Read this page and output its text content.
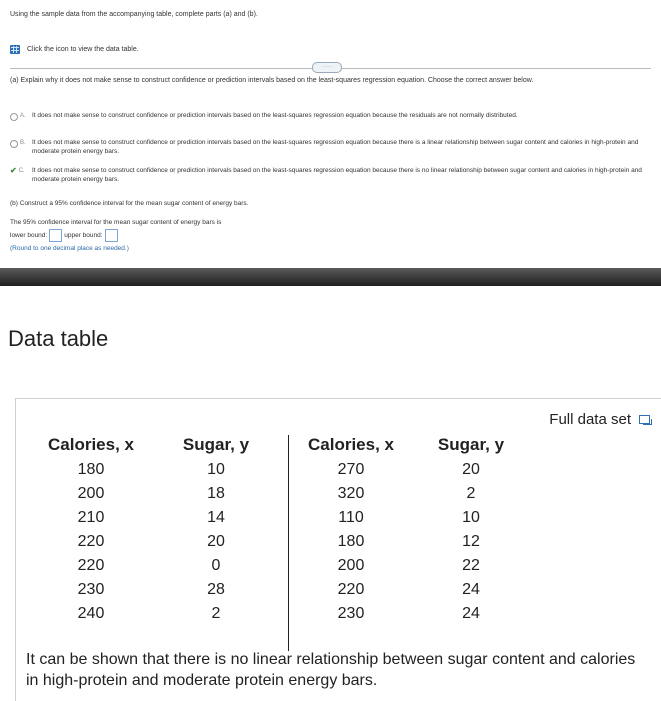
Using the sample data from the accompanying table, complete parts (a) and (b).
Click the icon to view the data table.
·····
(a) Explain why it does not make sense to construct confidence or prediction intervals based on the least-squares regression equation. Choose the correct answer below.
A. It does not make sense to construct confidence or prediction intervals based on the least-squares regression equation because the residuals are not normally distributed.
B. It does not make sense to construct confidence or prediction intervals based on the least-squares regression equation because there is a linear relationship between sugar content and calories in high-protein and moderate protein energy bars.
✔ C.	It does not make sense to construct confidence or prediction intervals based on the least-squares regression equation because there is no linear relationship between sugar content and calories in high-protein and moderate protein energy bars.
(b) Construct a 95% confidence interval for the mean sugar content of energy bars.
The 95% confidence interval for the mean sugar content of energy bars is
lower bound:	upper bound:
(Round to one decimal place as needed.)
Data table
Full data set
Calories, x
180
200
210
220
220
230
240
Sugar, y
10
18
14
20
0
28
2
Calories, x
270
320
110
180
200
220
230
Sugar, y
20
2
10
12
22
24
24
It can be shown that there is no linear relationship between sugar content and calories in high-protein and moderate protein energy bars.
